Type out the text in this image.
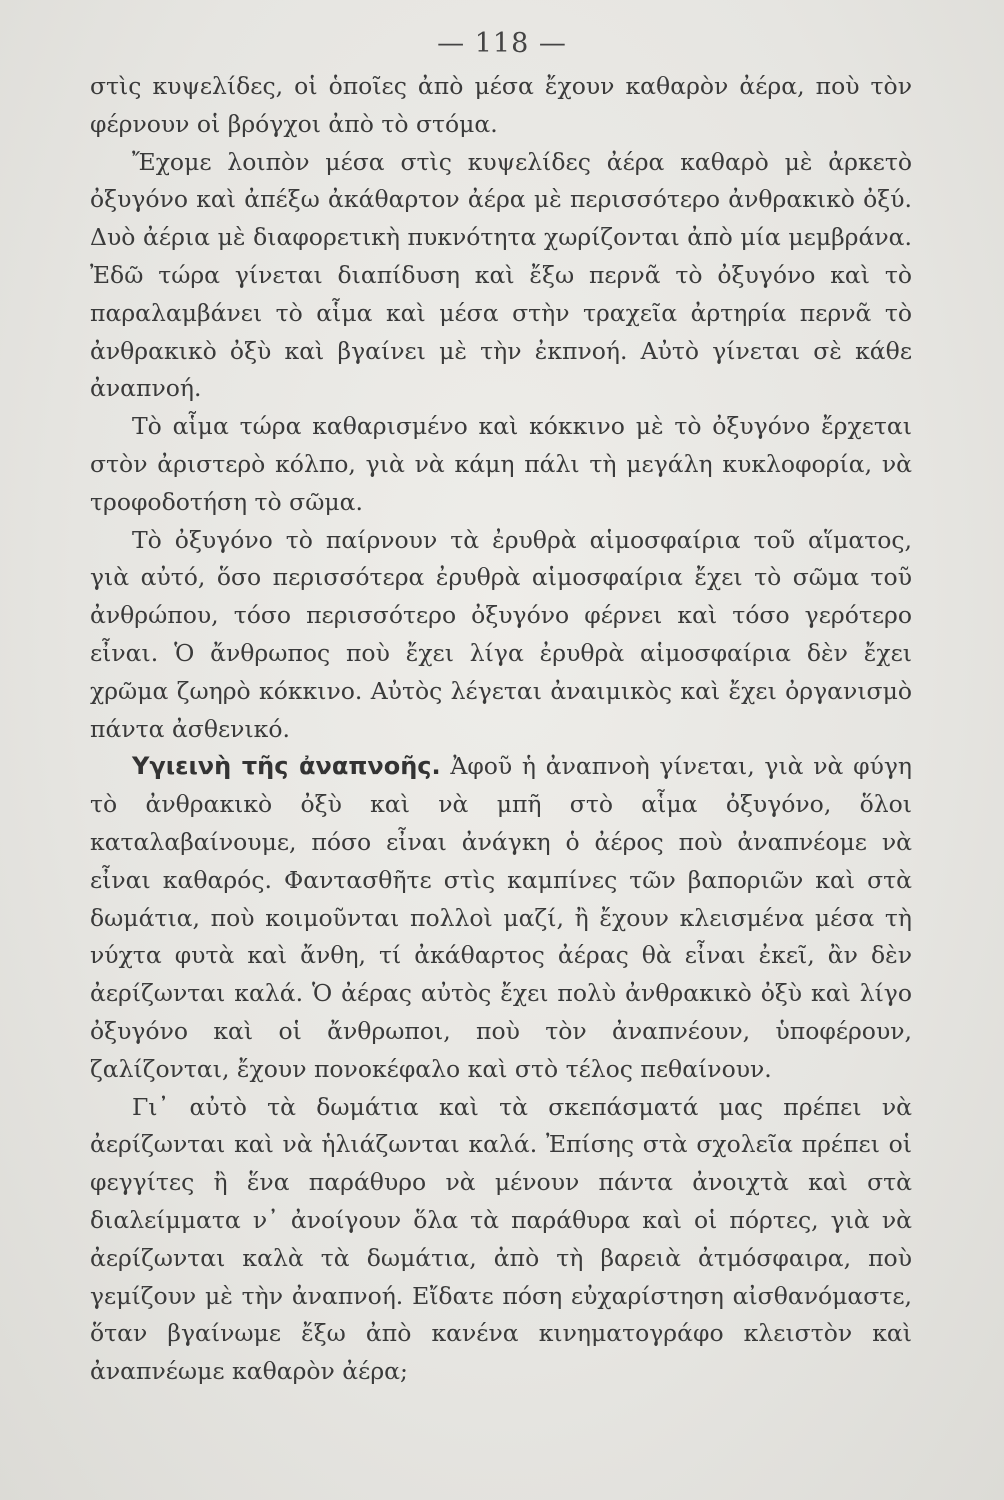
— 118 —

στὶς κυψελίδες, οἱ ὁποῖες ἀπὸ μέσα ἔχουν καθαρὸν ἀέρα, ποὺ τὸν φέρνουν οἱ βρόγχοι ἀπὸ τὸ στόμα.

Ἔχομε λοιπὸν μέσα στὶς κυψελίδες ἀέρα καθαρὸ μὲ ἀρκετὸ ὀξυγόνο καὶ ἀπέξω ἀκάθαρτον ἀέρα μὲ περισσότερο ἀνθρακικὸ ὀξύ. Δυὸ ἀέρια μὲ διαφορετικὴ πυκνότητα χωρίζονται ἀπὸ μία μεμβράνα. Ἐδῶ τώρα γίνεται διαπίδυση καὶ ἔξω περνᾶ τὸ ὀξυγόνο καὶ τὸ παραλαμβάνει τὸ αἷμα καὶ μέσα στὴν τραχεῖα ἀρτηρία περνᾶ τὸ ἀνθρακικὸ ὀξὺ καὶ βγαίνει μὲ τὴν ἐκπνοή. Αὐτὸ γίνεται σὲ κάθε ἀναπνοή.

Τὸ αἷμα τώρα καθαρισμένο καὶ κόκκινο μὲ τὸ ὀξυγόνο ἔρχεται στὸν ἀριστερὸ κόλπο, γιὰ νὰ κάμη πάλι τὴ μεγάλη κυκλοφορία, νὰ τροφοδοτήση τὸ σῶμα.

Τὸ ὀξυγόνο τὸ παίρνουν τὰ ἐρυθρὰ αἱμοσφαίρια τοῦ αἵματος, γιὰ αὐτό, ὅσο περισσότερα ἐρυθρὰ αἱμοσφαίρια ἔχει τὸ σῶμα τοῦ ἀνθρώπου, τόσο περισσότερο ὀξυγόνο φέρνει καὶ τόσο γερότερο εἶναι. Ὁ ἄνθρωπος ποὺ ἔχει λίγα ἐρυθρὰ αἱμοσφαίρια δὲν ἔχει χρῶμα ζωηρὸ κόκκινο. Αὐτὸς λέγεται ἀναιμικὸς καὶ ἔχει ὀργανισμὸ πάντα ἀσθενικό.

Υγιεινὴ τῆς ἀναπνοῆς. Ἀφοῦ ἡ ἀναπνοὴ γίνεται, γιὰ νὰ φύγη τὸ ἀνθρακικὸ ὀξὺ καὶ νὰ μπῆ στὸ αἷμα ὀξυγόνο, ὅλοι καταλαβαίνουμε, πόσο εἶναι ἀνάγκη ὁ ἀέρος ποὺ ἀναπνέομε νὰ εἶναι καθαρός. Φαντασθῆτε στὶς καμπίνες τῶν βαποριῶν καὶ στὰ δωμάτια, ποὺ κοιμοῦνται πολλοὶ μαζί, ἢ ἔχουν κλεισμένα μέσα τὴ νύχτα φυτὰ καὶ ἄνθη, τί ἀκάθαρτος ἀέρας θὰ εἶναι ἐκεῖ, ἂν δὲν ἀερίζωνται καλά. Ὁ ἀέρας αὐτὸς ἔχει πολὺ ἀνθρακικὸ ὀξὺ καὶ λίγο ὀξυγόνο καὶ οἱ ἄνθρωποι, ποὺ τὸν ἀναπνέουν, ὑποφέρουν, ζαλίζονται, ἔχουν πονοκέφαλο καὶ στὸ τέλος πεθαίνουν.

Γι᾽ αὐτὸ τὰ δωμάτια καὶ τὰ σκεπάσματά μας πρέπει νὰ ἀερίζωνται καὶ νὰ ἡλιάζωνται καλά. Ἐπίσης στὰ σχολεῖα πρέπει οἱ φεγγίτες ἢ ἕνα παράθυρο νὰ μένουν πάντα ἀνοιχτὰ καὶ στὰ διαλείμματα ν᾽ ἀνοίγουν ὅλα τὰ παράθυρα καὶ οἱ πόρτες, γιὰ νὰ ἀερίζωνται καλὰ τὰ δωμάτια, ἀπὸ τὴ βαρειὰ ἀτμόσφαιρα, ποὺ γεμίζουν μὲ τὴν ἀναπνοή. Εἴδατε πόση εὐχαρίστηση αἰσθανόμαστε, ὅταν βγαίνωμε ἔξω ἀπὸ κανένα κινηματογράφο κλειστὸν καὶ ἀναπνέωμε καθαρὸν ἀέρα;
